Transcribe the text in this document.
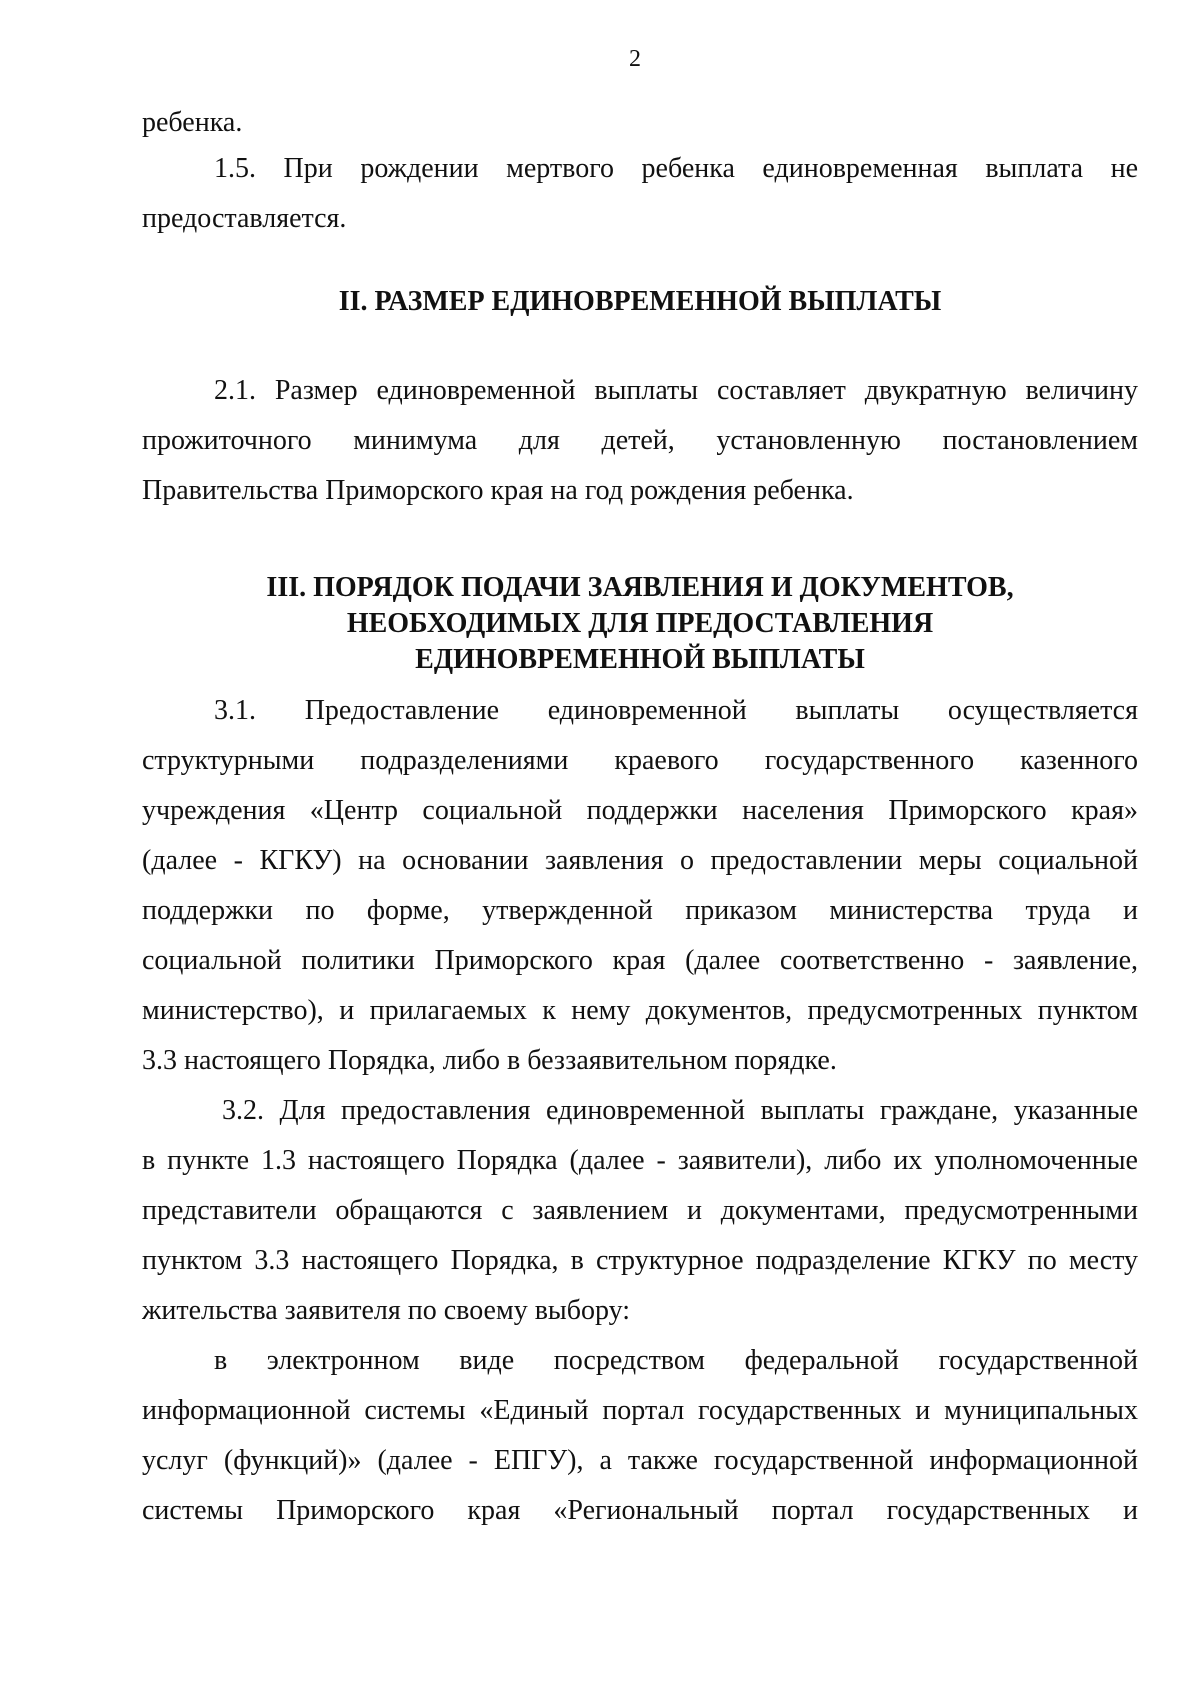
2
ребенка.
1.5. При рождении мертвого ребенка единовременная выплата не
предоставляется.
II. РАЗМЕР ЕДИНОВРЕМЕННОЙ ВЫПЛАТЫ
2.1. Размер единовременной выплаты составляет двукратную величину
прожиточного минимума для детей, установленную постановлением
Правительства Приморского края на год рождения ребенка.
III. ПОРЯДОК ПОДАЧИ ЗАЯВЛЕНИЯ И ДОКУМЕНТОВ,
НЕОБХОДИМЫХ ДЛЯ ПРЕДОСТАВЛЕНИЯ
ЕДИНОВРЕМЕННОЙ ВЫПЛАТЫ
3.1. Предоставление единовременной выплаты осуществляется
структурными подразделениями краевого государственного казенного
учреждения «Центр социальной поддержки населения Приморского края»
(далее - КГКУ) на основании заявления о предоставлении меры социальной
поддержки по форме, утвержденной приказом министерства труда и
социальной политики Приморского края (далее соответственно - заявление,
министерство), и прилагаемых к нему документов, предусмотренных пунктом
3.3 настоящего Порядка, либо в беззаявительном порядке.
3.2. Для предоставления единовременной выплаты граждане, указанные
в пункте 1.3 настоящего Порядка (далее - заявители), либо их уполномоченные
представители обращаются с заявлением и документами, предусмотренными
пунктом 3.3 настоящего Порядка, в структурное подразделение КГКУ по месту
жительства заявителя по своему выбору:
в электронном виде посредством федеральной государственной
информационной системы «Единый портал государственных и муниципальных
услуг (функций)» (далее - ЕПГУ), а также государственной информационной
системы Приморского края «Региональный портал государственных и
